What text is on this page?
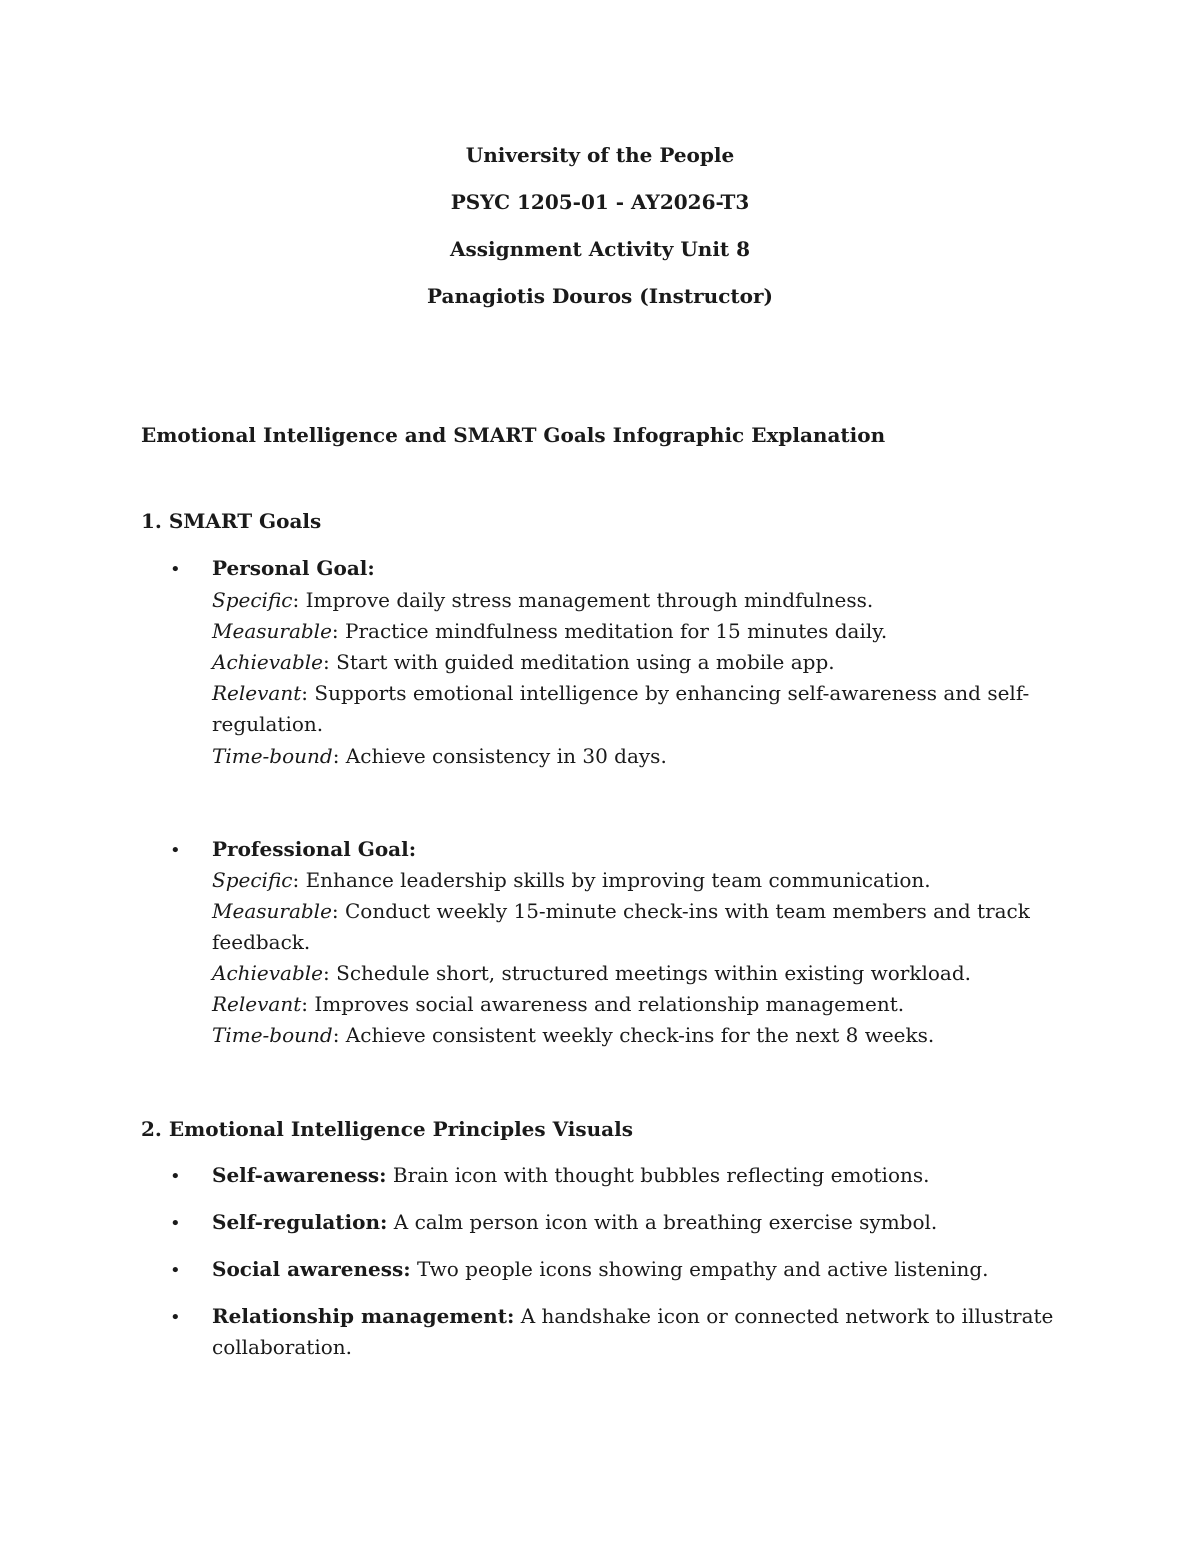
University of the People
PSYC 1205-01 - AY2026-T3
Assignment Activity Unit 8
Panagiotis Douros (Instructor)
Emotional Intelligence and SMART Goals Infographic Explanation
1. SMART Goals
• Personal Goal:
Specific: Improve daily stress management through mindfulness.
Measurable: Practice mindfulness meditation for 15 minutes daily.
Achievable: Start with guided meditation using a mobile app.
Relevant: Supports emotional intelligence by enhancing self-awareness and self-
regulation.
Time-bound: Achieve consistency in 30 days.
• Professional Goal:
Specific: Enhance leadership skills by improving team communication.
Measurable: Conduct weekly 15-minute check-ins with team members and track
feedback.
Achievable: Schedule short, structured meetings within existing workload.
Relevant: Improves social awareness and relationship management.
Time-bound: Achieve consistent weekly check-ins for the next 8 weeks.
2. Emotional Intelligence Principles Visuals
• Self-awareness: Brain icon with thought bubbles reflecting emotions.
• Self-regulation: A calm person icon with a breathing exercise symbol.
• Social awareness: Two people icons showing empathy and active listening.
• Relationship management: A handshake icon or connected network to illustrate
collaboration.
